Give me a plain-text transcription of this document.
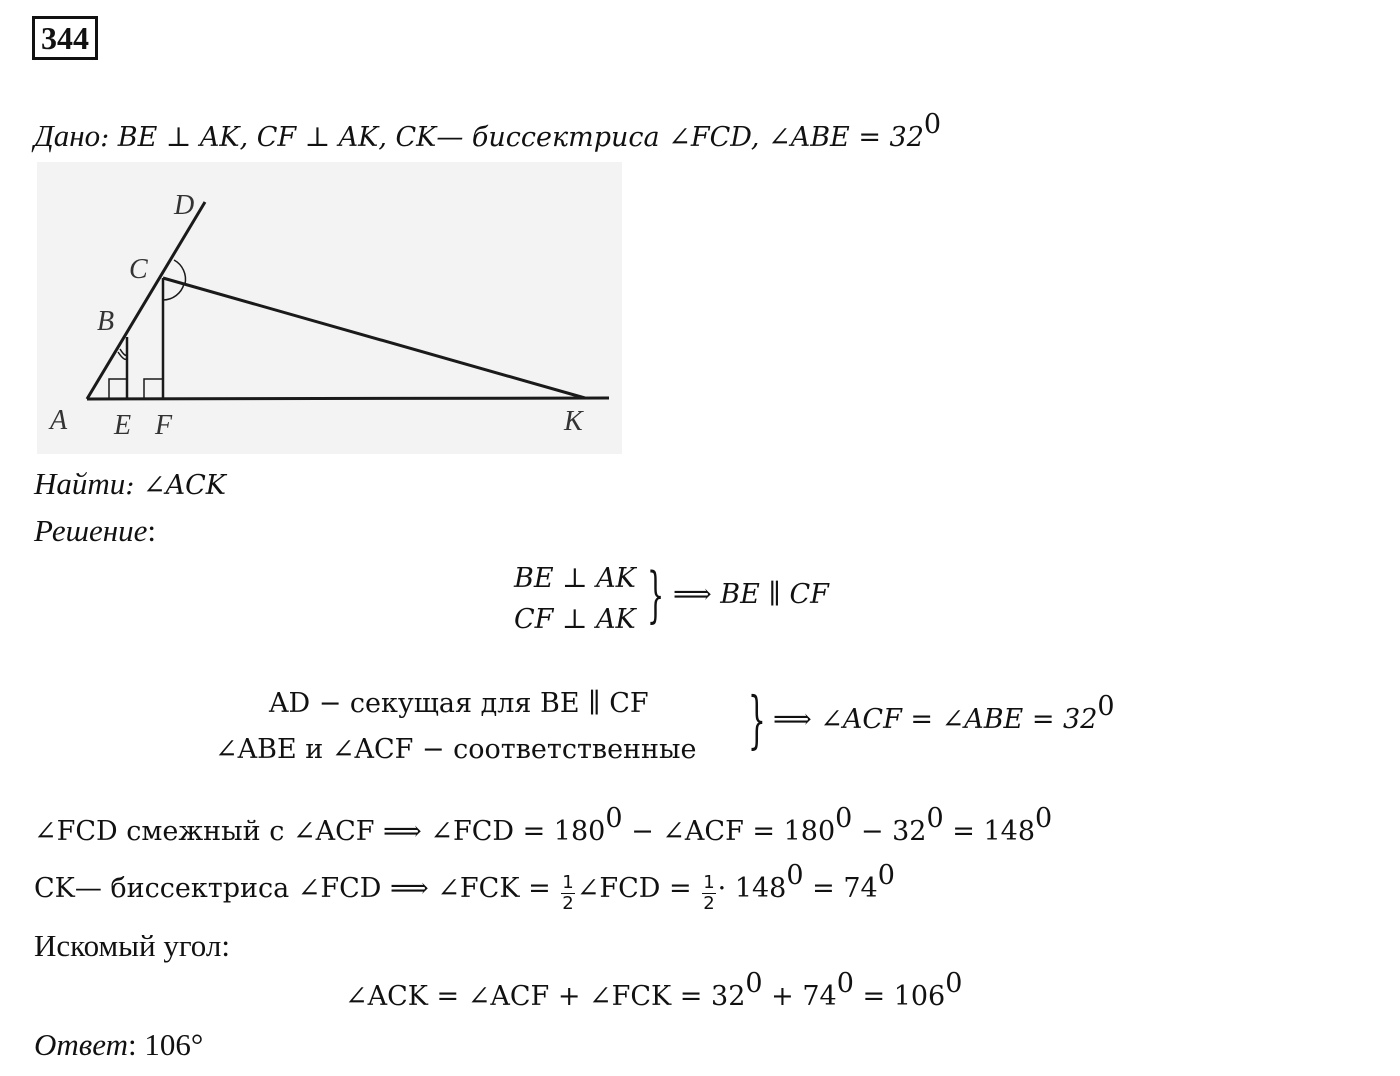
344
Дано: BE ⊥ AK, CF ⊥ AK, CK— биссектриса ∠FCD, ∠ABE = $32^0$
A
B
C
D
E F	K
Найти: ∠ACK
Решение:
BE ⊥ AK
CF ⊥ AK } ⟹ BE ∥ CF
AD − секущая для BE ∥ CF
∠ABE и ∠ACF − соответственные } ⟹ ∠ACF = ∠ABE = $32^0$
∠FCD смежный с ∠ACF ⟹ ∠FCD = $180^0$ − ∠ACF = $180^0 - 32^0 = 148^0$
CK— биссектриса ∠FCD ⟹ ∠FCK = $\frac{1}{2}$ ∠FCD = $\frac{1}{2} \cdot 148^0 = 74^0$
Искомый угол:
∠ACK = ∠ACF + ∠FCK = $32^0 + 74^0 = 106^0$
Ответ: 106°
